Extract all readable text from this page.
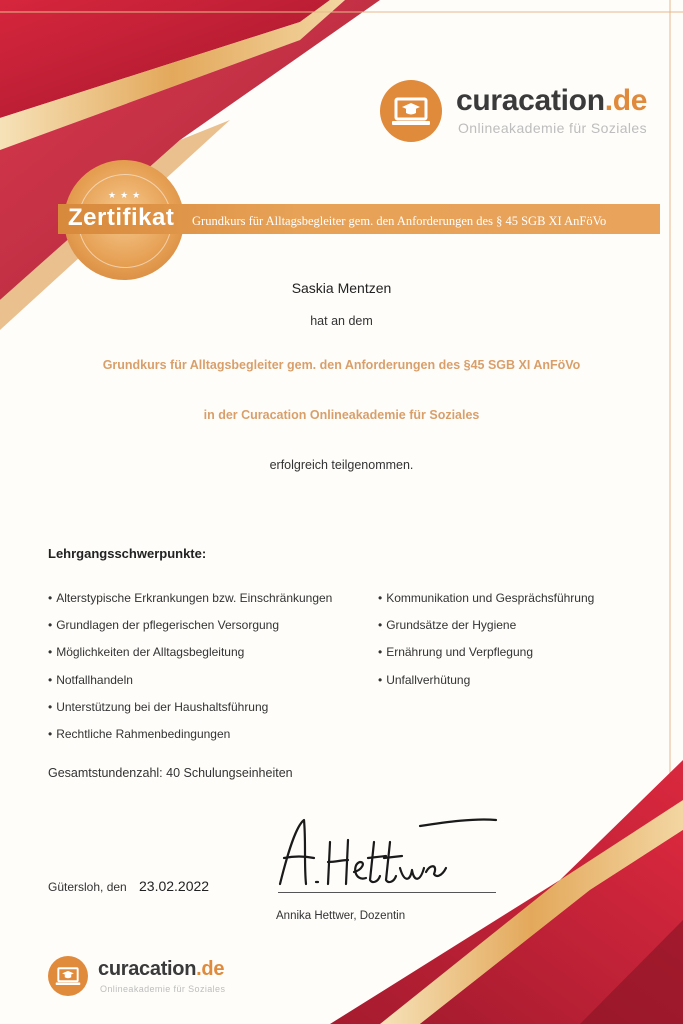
curacation.de
Onlineakademie für Soziales
★★★
Zertifikat Grundkurs für Alltagsbegleiter gem. den Anforderungen des § 45 SGB XI AnFöVo
Saskia Mentzen
hat an dem
Grundkurs für Alltagsbegleiter gem. den Anforderungen des §45 SGB XI AnFöVo
in der Curacation Onlineakademie für Soziales
erfolgreich teilgenommen.
Lehrgangsschwerpunkte:
• Alterstypische Erkrankungen bzw. Einschränkungen
• Grundlagen der pflegerischen Versorgung
• Möglichkeiten der Alltagsbegleitung
• Notfallhandeln
• Unterstützung bei der Haushaltsführung
• Rechtliche Rahmenbedingungen
• Kommunikation und Gesprächsführung
• Grundsätze der Hygiene
• Ernährung und Verpflegung
• Unfallverhütung
Gesamtstundenzahl: 40 Schulungseinheiten
Gütersloh, den 23.02.2022
Annika Hettwer, Dozentin
curacation.de
Onlineakademie für Soziales
